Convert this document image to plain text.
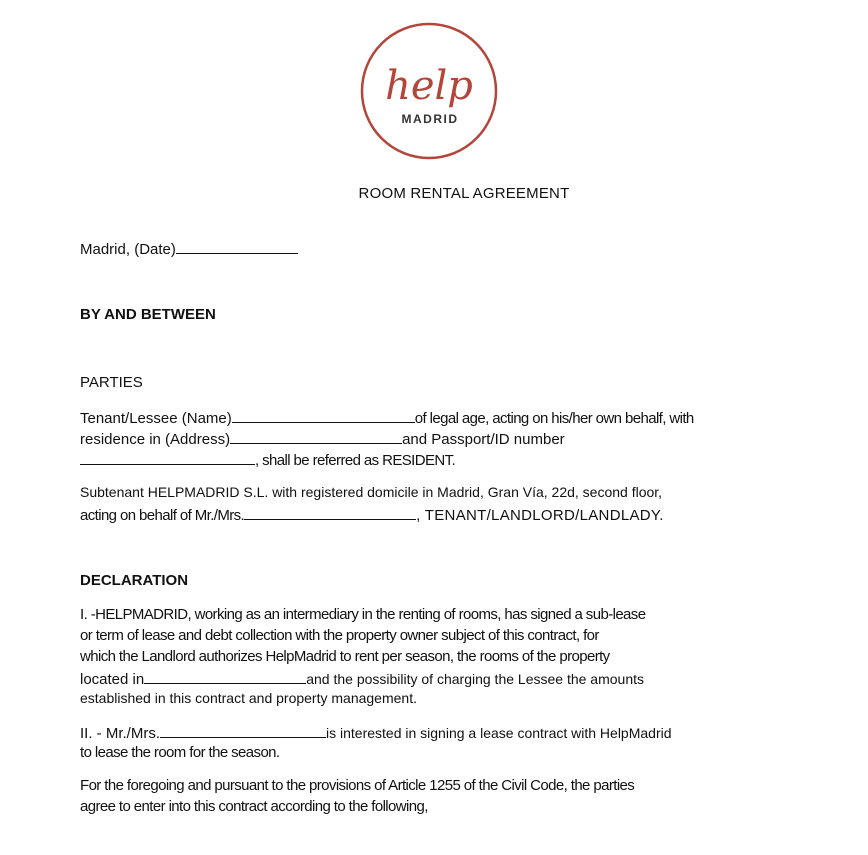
help
MADRID
ROOM RENTAL AGREEMENT
Madrid, (Date)
BY AND BETWEEN
PARTIES
Tenant/Lessee (Name)	of legal age, acting on his/her own behalf, with
residence in (Address)	and Passport/ID number
, shall be referred as RESIDENT.
Subtenant HELPMADRID S.L. with registered domicile in Madrid, Gran Vía, 22d, second floor,
acting on behalf of Mr./Mrs.	, TENANT/LANDLORD/LANDLADY.
DECLARATION
I. -HELPMADRID, working as an intermediary in the renting of rooms, has signed a sub-lease
or term of lease and debt collection with the property owner subject of this contract, for
which the Landlord authorizes HelpMadrid to rent per season, the rooms of the property
located in	and the possibility of charging the Lessee the amounts
established in this contract and property management.
II. - Mr./Mrs.	is interested in signing a lease contract with HelpMadrid
to lease the room for the season.
For the foregoing and pursuant to the provisions of Article 1255 of the Civil Code, the parties
agree to enter into this contract according to the following,
